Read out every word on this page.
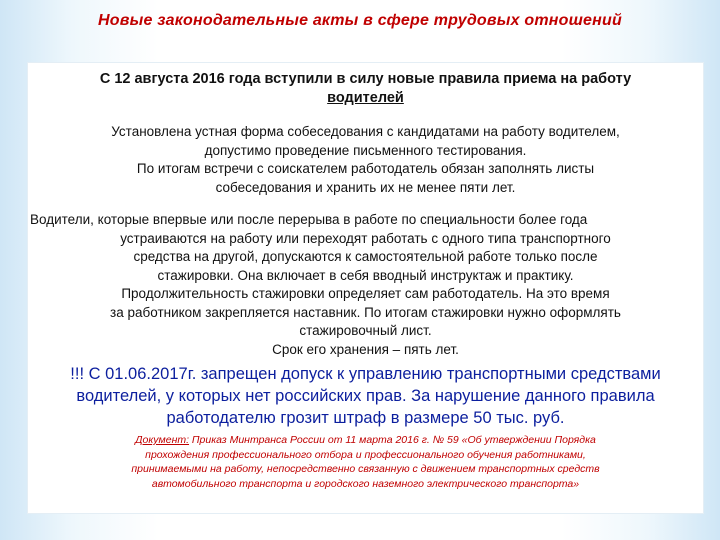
Новые законодательные акты в сфере трудовых отношений
С 12 августа 2016 года вступили в силу новые правила приема на работу
водителей
Установлена устная форма собеседования с кандидатами на работу водителем,
допустимо проведение письменного тестирования.
По итогам встречи с соискателем работодатель обязан заполнять листы
собеседования и хранить их не менее пяти лет.
Водители, которые впервые или после перерыва в работе по специальности более года
устраиваются на работу или переходят работать с одного типа транспортного
средства на другой, допускаются к самостоятельной работе только после
стажировки. Она включает в себя вводный инструктаж и практику.
Продолжительность стажировки определяет сам работодатель. На это время
за работником закрепляется наставник. По итогам стажировки нужно оформлять
стажировочный лист.
Срок его хранения – пять лет.
!!! С 01.06.2017г. запрещен допуск к управлению транспортными средствами
водителей, у которых нет российских прав. За нарушение данного правила
работодателю грозит штраф в размере 50 тыс. руб.
Документ: Приказ Минтранса России от 11 марта 2016 г. № 59 «Об утверждении Порядка
прохождения профессионального отбора и профессионального обучения работниками,
принимаемыми на работу, непосредственно связанную с движением транспортных средств
автомобильного транспорта и городского наземного электрического транспорта»
